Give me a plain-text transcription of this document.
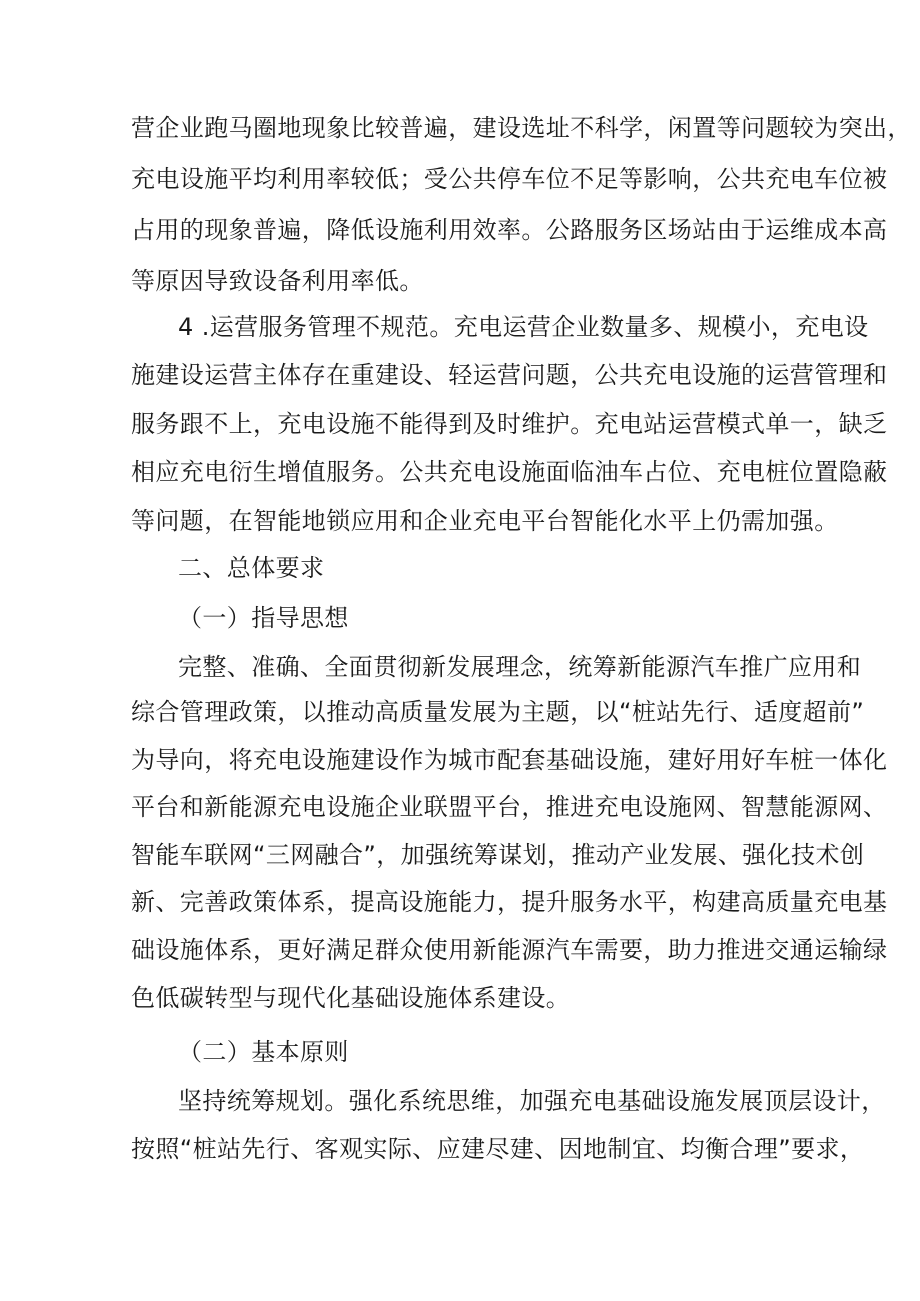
营企业跑马圈地现象比较普遍，建设选址不科学，闲置等问题较为突出，
充电设施平均利用率较低；受公共停车位不足等影响，公共充电车位被
占用的现象普遍，降低设施利用效率。公路服务区场站由于运维成本高
等原因导致设备利用率低。
4 .运营服务管理不规范。充电运营企业数量多、规模小，充电设
施建设运营主体存在重建设、轻运营问题，公共充电设施的运营管理和
服务跟不上，充电设施不能得到及时维护。充电站运营模式单一，缺乏
相应充电衍生增值服务。公共充电设施面临油车占位、充电桩位置隐蔽
等问题，在智能地锁应用和企业充电平台智能化水平上仍需加强。
二、总体要求
（一）指导思想
完整、准确、全面贯彻新发展理念，统筹新能源汽车推广应用和
综合管理政策，以推动高质量发展为主题，以“桩站先行、适度超前”
为导向，将充电设施建设作为城市配套基础设施，建好用好车桩一体化
平台和新能源充电设施企业联盟平台，推进充电设施网、智慧能源网、
智能车联网“三网融合”，加强统筹谋划，推动产业发展、强化技术创
新、完善政策体系，提高设施能力，提升服务水平，构建高质量充电基
础设施体系，更好满足群众使用新能源汽车需要，助力推进交通运输绿
色低碳转型与现代化基础设施体系建设。
（二）基本原则
坚持统筹规划。强化系统思维，加强充电基础设施发展顶层设计，
按照“桩站先行、客观实际、应建尽建、因地制宜、均衡合理”要求，
